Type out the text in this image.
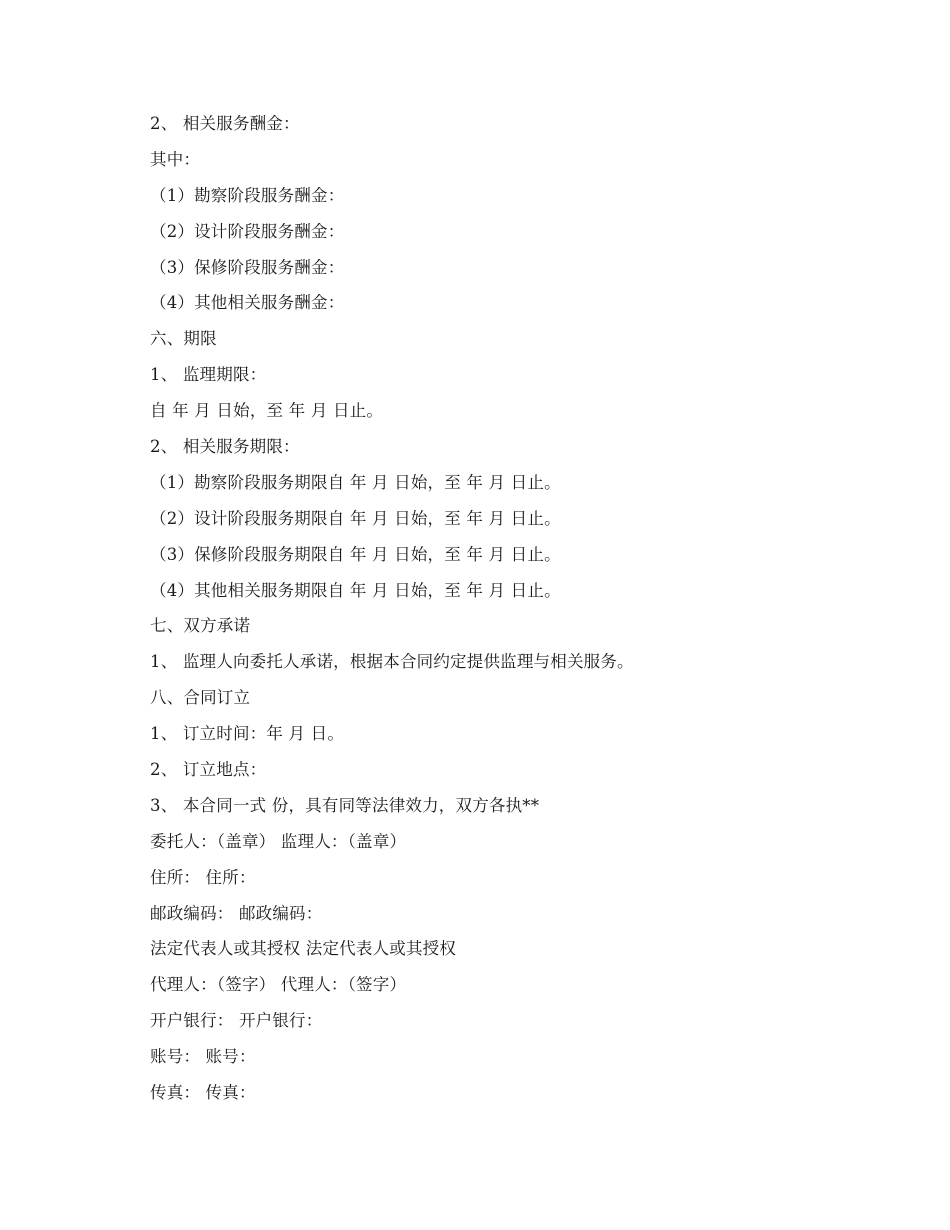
2、 相关服务酬金：
其中：
（1）勘察阶段服务酬金：
（2）设计阶段服务酬金：
（3）保修阶段服务酬金：
（4）其他相关服务酬金：
六、期限
1、 监理期限：
自 年 月 日始，至 年 月 日止。
2、 相关服务期限：
（1）勘察阶段服务期限自 年 月 日始，至 年 月 日止。
（2）设计阶段服务期限自 年 月 日始，至 年 月 日止。
（3）保修阶段服务期限自 年 月 日始，至 年 月 日止。
（4）其他相关服务期限自 年 月 日始，至 年 月 日止。
七、双方承诺
1、 监理人向委托人承诺，根据本合同约定提供监理与相关服务。
八、合同订立
1、 订立时间：年 月 日。
2、 订立地点：
3、 本合同一式 份，具有同等法律效力，双方各执**
委托人：（盖章） 监理人：（盖章）
住所： 住所：
邮政编码： 邮政编码：
法定代表人或其授权 法定代表人或其授权
代理人：（签字） 代理人：（签字）
开户银行： 开户银行：
账号： 账号：
传真： 传真：
